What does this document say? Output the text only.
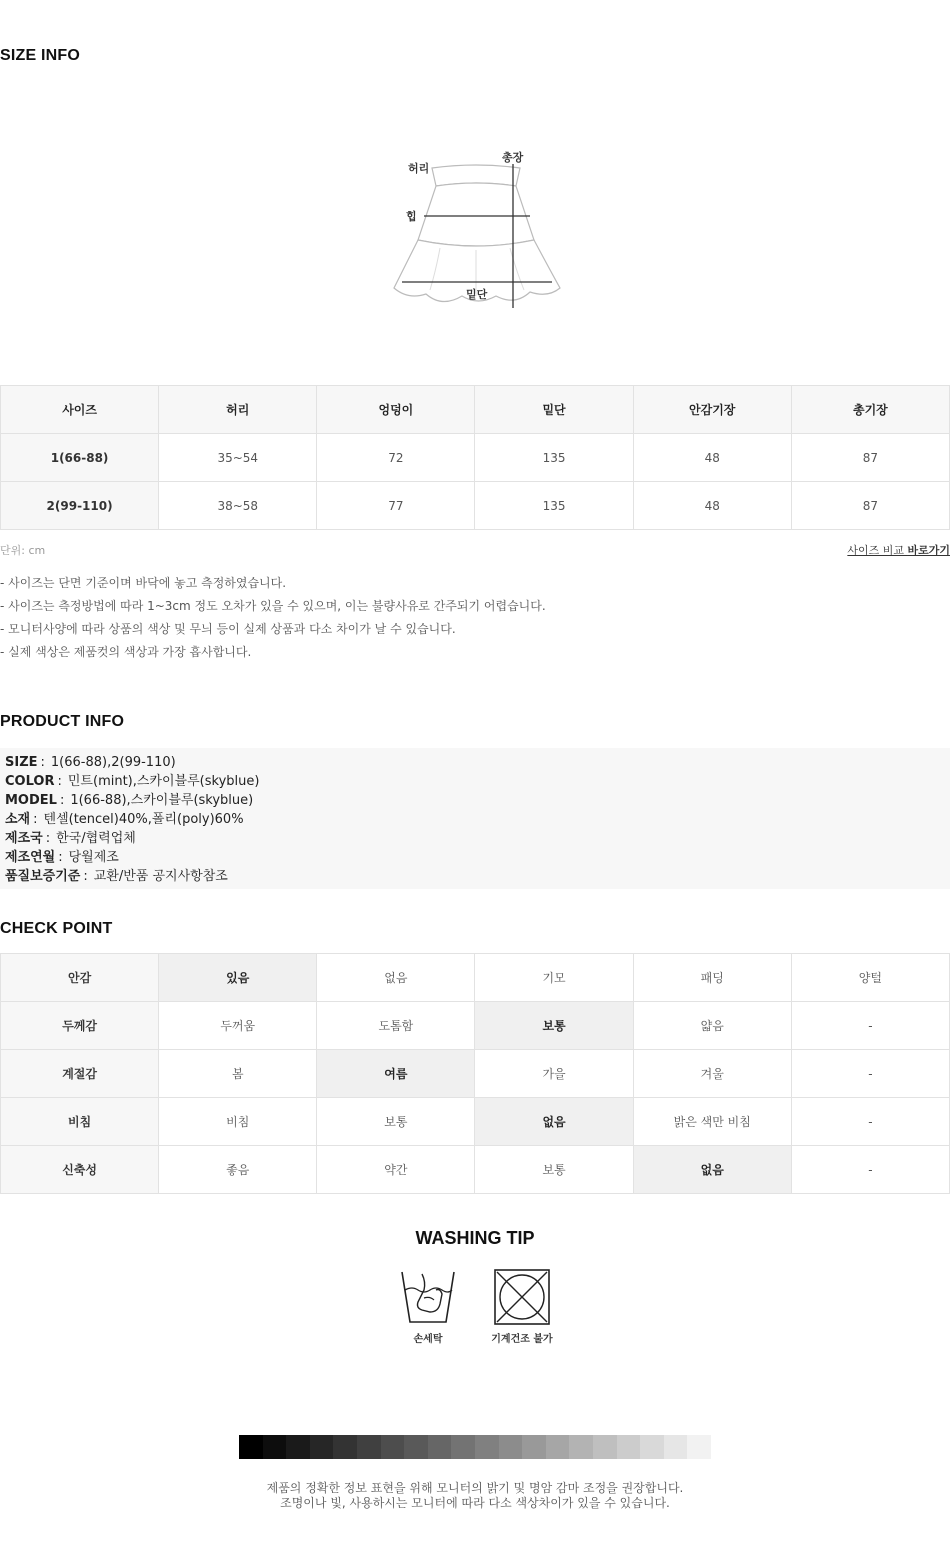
SIZE INFO
허리
총장
힙
밑단
사이즈	허리	엉덩이	밑단	안감기장	총기장
1(66-88)	35~54	72	135	48	87
2(99-110)	38~58	77	135	48	87
단위: cm	사이즈 비교 바로가기
- 사이즈는 단면 기준이며 바닥에 놓고 측정하였습니다.
- 사이즈는 측정방법에 따라 1~3cm 정도 오차가 있을 수 있으며, 이는 불량사유로 간주되기 어렵습니다.
- 모니터사양에 따라 상품의 색상 및 무늬 등이 실제 상품과 다소 차이가 날 수 있습니다.
- 실제 색상은 제품컷의 색상과 가장 흡사합니다.
PRODUCT INFO
SIZE : 1(66-88),2(99-110)
COLOR : 민트(mint),스카이블루(skyblue)
MODEL : 1(66-88),스카이블루(skyblue)
소재 : 텐셀(tencel)40%,폴리(poly)60%
제조국 : 한국/협력업체
제조연월 : 당월제조
품질보증기준 : 교환/반품 공지사항참조
CHECK POINT
안감	있음	없음	기모	패딩	양털
두께감	두꺼움	도톰함	보통	얇음	-
계절감	봄	여름	가을	겨울	-
비침	비침	보통	없음	밝은 색만 비침	-
신축성	좋음	약간	보통	없음	-
WASHING TIP
손세탁	기계건조 불가
제품의 정확한 정보 표현을 위해 모니터의 밝기 및 명암 감마 조정을 권장합니다.
조명이나 빛, 사용하시는 모니터에 따라 다소 색상차이가 있을 수 있습니다.
